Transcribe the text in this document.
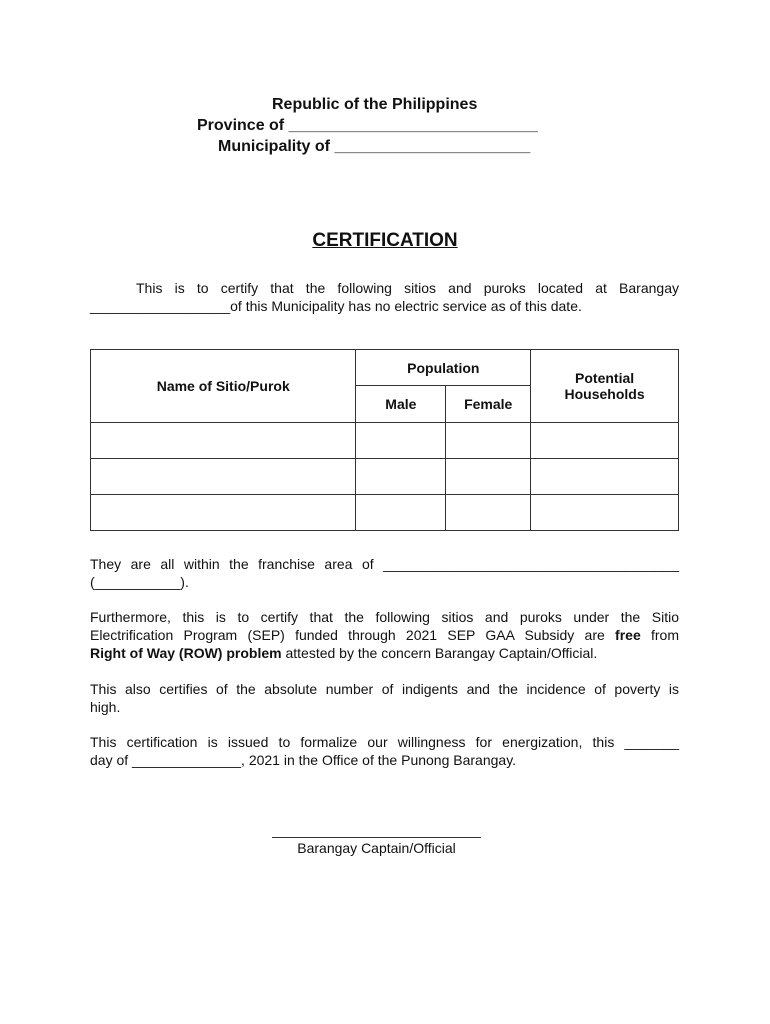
Republic of the Philippines
Province of ____________________________
Municipality of ______________________
CERTIFICATION
This is to certify that the following sitios and puroks located at Barangay
__________________of this Municipality has no electric service as of this date.
Name of Sitio/Purok	Population		Potential
Households
	Male	Female	

They are all within the franchise area of ______________________________________
(___________).
Furthermore, this is to certify that the following sitios and puroks under the Sitio
Electrification Program (SEP) funded through 2021 SEP GAA Subsidy are free from
Right of Way (ROW) problem attested by the concern Barangay Captain/Official.
This also certifies of the absolute number of indigents and the incidence of poverty is
high.
This certification is issued to formalize our willingness for energization, this _______
day of ______________, 2021 in the Office of the Punong Barangay.
Barangay Captain/Official
